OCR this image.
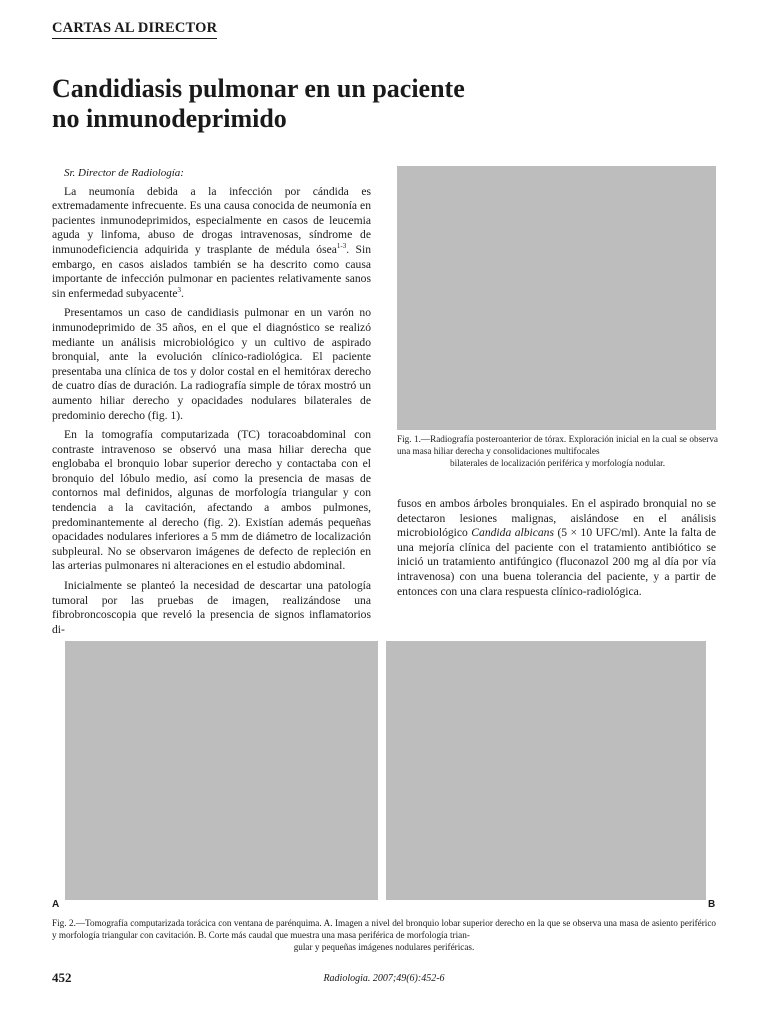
CARTAS AL DIRECTOR
Candidiasis pulmonar en un paciente
no inmunodeprimido

Sr. Director de Radiología:

La neumonía debida a la infección por cándida es extremadamente infrecuente. Es una causa conocida de neumonía en pacientes inmunodeprimidos, especialmente en casos de leucemia aguda y linfoma, abuso de drogas intravenosas, síndrome de inmunodeficiencia adquirida y trasplante de médula ósea$^{1-3}$. Sin embargo, en casos aislados también se ha descrito como causa importante de infección pulmonar en pacientes relativamente sanos sin enfermedad subyacente$^3$.

Presentamos un caso de candidiasis pulmonar en un varón no inmunodeprimido de 35 años, en el que el diagnóstico se realizó mediante un análisis microbiológico y un cultivo de aspirado bronquial, ante la evolución clínico-radiológica. El paciente presentaba una clínica de tos y dolor costal en el hemitórax derecho de cuatro días de duración. La radiografía simple de tórax mostró un aumento hiliar derecho y opacidades nodulares bilaterales de predominio derecho (fig. 1).

En la tomografía computarizada (TC) toracoabdominal con contraste intravenoso se observó una masa hiliar derecha que englobaba el bronquio lobar superior derecho y contactaba con el bronquio del lóbulo medio, así como la presencia de masas de contornos mal definidos, algunas de morfología triangular y con tendencia a la cavitación, afectando a ambos pulmones, predominantemente al derecho (fig. 2). Existían además pequeñas opacidades nodulares inferiores a 5 mm de diámetro de localización subpleural. No se observaron imágenes de defecto de repleción en las arterias pulmonares ni alteraciones en el estudio abdominal.

Inicialmente se planteó la necesidad de descartar una patología tumoral por las pruebas de imagen, realizándose una fibrobroncoscopia que reveló la presencia de signos inflamatorios di-

Fig. 1.—Radiografía posteroanterior de tórax. Exploración inicial en la cual se observa una masa hiliar derecha y consolidaciones multifocales
bilaterales de localización periférica y morfología nodular.

fusos en ambos árboles bronquiales. En el aspirado bronquial no se detectaron lesiones malignas, aislándose en el análisis microbiológico Candida albicans (5 × 10 UFC/ml). Ante la falta de una mejoría clínica del paciente con el tratamiento antibiótico se inició un tratamiento antifúngico (fluconazol 200 mg al día por vía intravenosa) con una buena tolerancia del paciente, y a partir de entonces con una clara respuesta clínico-radiológica.

A	B
Fig. 2.—Tomografía computarizada torácica con ventana de parénquima. A. Imagen a nivel del bronquio lobar superior derecho en la que se observa una masa de asiento periférico y morfología triangular con cavitación. B. Corte más caudal que muestra una masa periférica de morfología trian-
gular y pequeñas imágenes nodulares periféricas.
452	Radiologia. 2007;49(6):452-6
